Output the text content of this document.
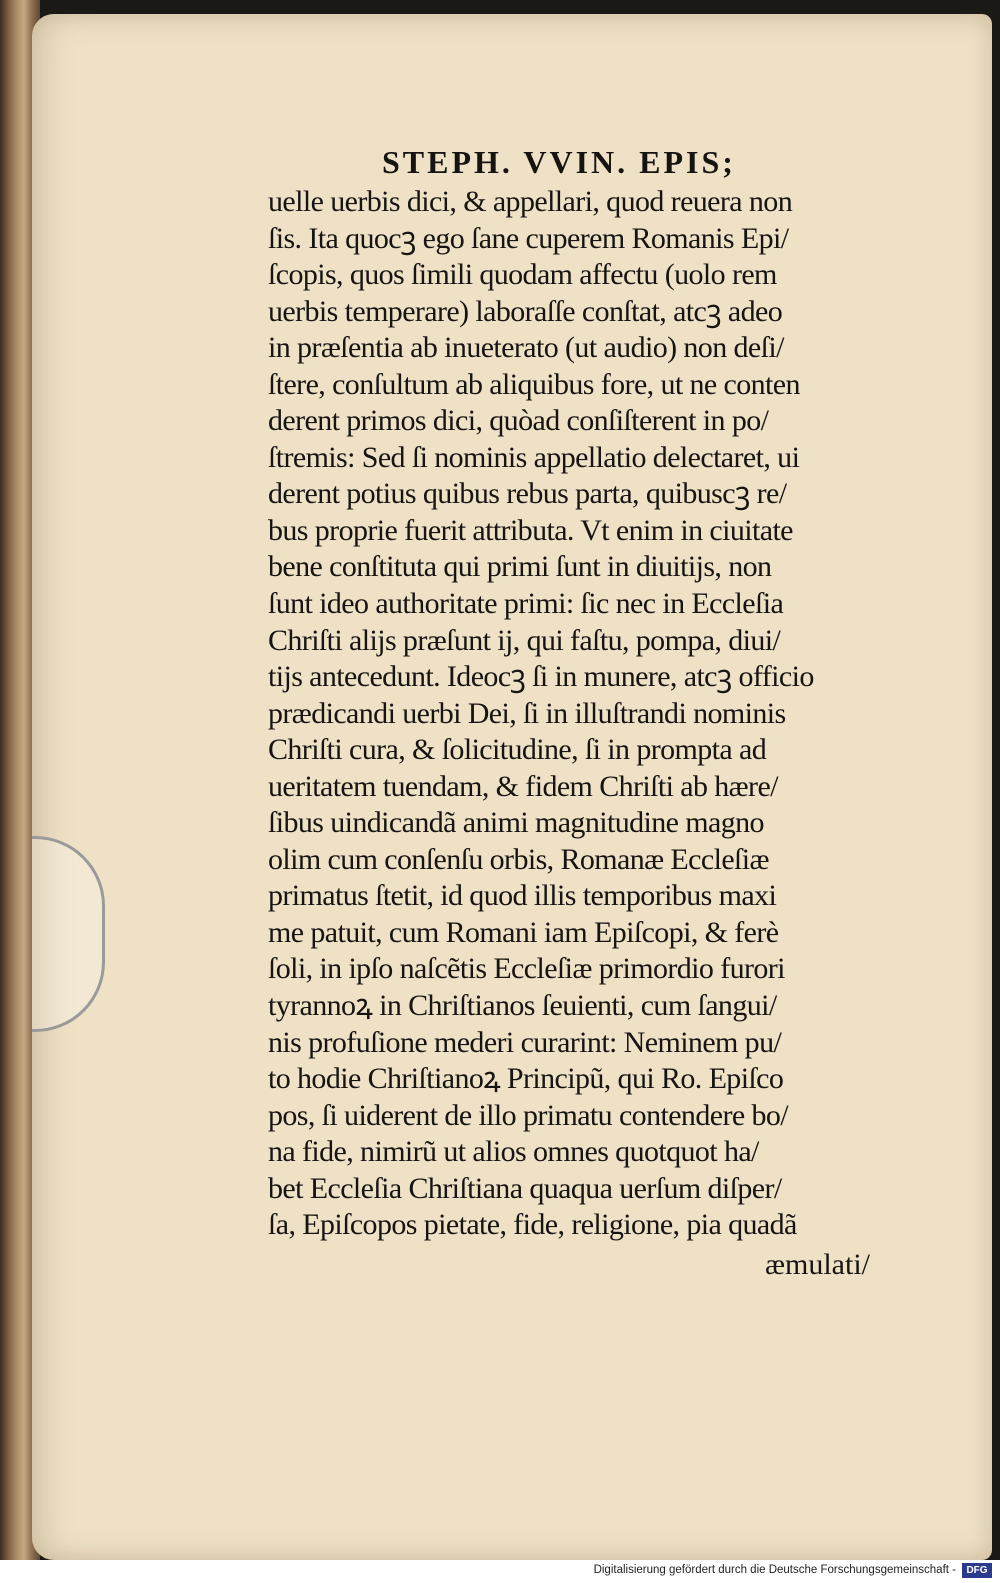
STEPH. VVIN. EPIS;
uelle uerbis dici, & appellari, quod reuera non
ſis. Ita quocꝫ ego ſane cuperem Romanis Epi/
ſcopis, quos ſimili quodam affectu (uolo rem
uerbis temperare) laboraſſe conſtat, atcꝫ adeo
in præſentia ab inueterato (ut audio) non deſi/
ſtere, conſultum ab aliquibus fore, ut ne conten
derent primos dici, quòad conſiſterent in po/
ſtremis: Sed ſi nominis appellatio delectaret, ui
derent potius quibus rebus parta, quibuscꝫ re/
bus proprie fuerit attributa. Vt enim in ciuitate
bene conſtituta qui primi ſunt in diuitijs, non
ſunt ideo authoritate primi: ſic nec in Eccleſia
Chriſti alijs præſunt ij, qui faſtu, pompa, diui/
tijs antecedunt. Ideocꝫ ſi in munere, atcꝫ officio
prædicandi uerbi Dei, ſi in illuſtrandi nominis
Chriſti cura, & ſolicitudine, ſi in prompta ad
ueritatem tuendam, & fidem Chriſti ab hære/
ſibus uindicandã animi magnitudine magno
olim cum conſenſu orbis, Romanæ Eccleſiæ
primatus ſtetit, id quod illis temporibus maxi
me patuit, cum Romani iam Epiſcopi, & ferè
ſoli, in ipſo naſcẽtis Eccleſiæ primordio furori
tyrannoꝝ in Chriſtianos ſeuienti, cum ſangui/
nis profuſione mederi curarint: Neminem pu/
to hodie Chriſtianoꝝ Principũ, qui Ro. Epiſco
pos, ſi uiderent de illo primatu contendere bo/
na fide, nimirũ ut alios omnes quotquot ha/
bet Eccleſia Chriſtiana quaqua uerſum diſper/
ſa, Epiſcopos pietate, fide, religione, pia quadã
æmulati/
Digitalisierung gefördert durch die Deutsche Forschungsgemeinschaft -	DFG
